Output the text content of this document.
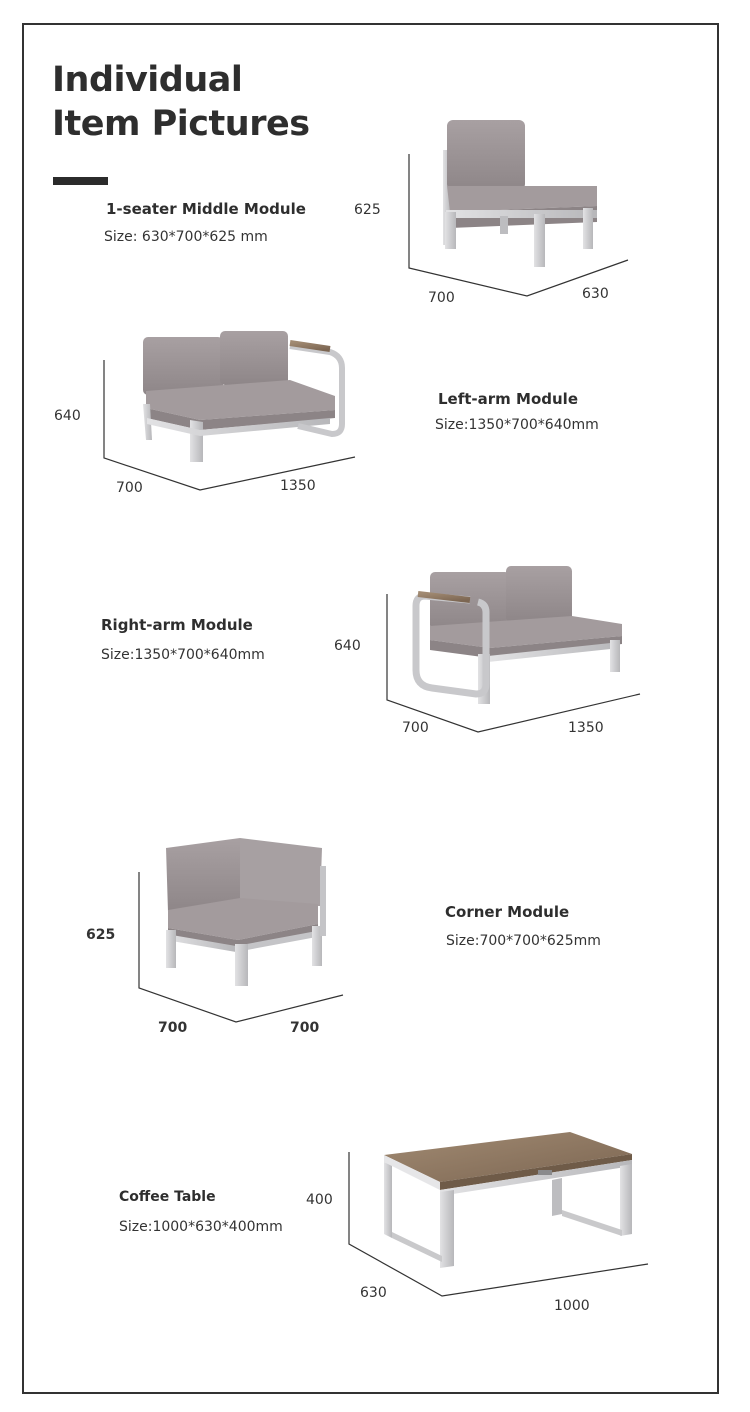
Individual
Item Pictures
1-seater Middle Module
Size: 630*700*625 mm
625
700	630
Left-arm Module
Size:1350*700*640mm
640
700	1350
Right-arm Module
Size:1350*700*640mm
640
700	1350
Corner Module
Size:700*700*625mm
625
700	700
Coffee Table
Size:1000*630*400mm
400
630
1000
